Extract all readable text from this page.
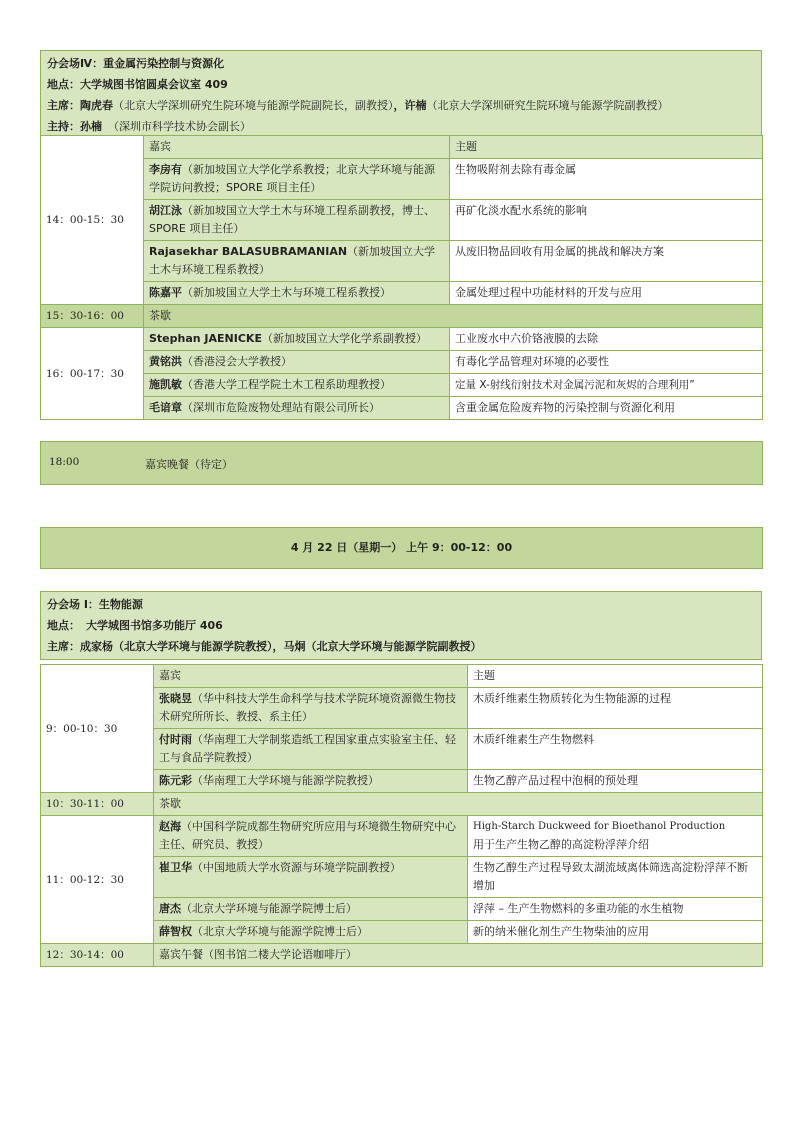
分会场Ⅳ：重金属污染控制与资源化
地点：大学城图书馆圆桌会议室 409
主席：陶虎春（北京大学深圳研究生院环境与能源学院副院长，副教授），许楠（北京大学深圳研究生院环境与能源学院副教授）
主持：孙楠 （深圳市科学技术协会副长）
14：00-15：30	嘉宾	主题
	李房有（新加坡国立大学化学系教授；北京大学环境与能源学院访问教授；SPORE 项目主任）	生物吸附剂去除有毒金属
	胡江泳（新加坡国立大学土木与环境工程系副教授，博士、SPORE 项目主任）	再矿化淡水配水系统的影响
	Rajasekhar BALASUBRAMANIAN（新加坡国立大学土木与环境工程系教授）	从废旧物品回收有用金属的挑战和解决方案
	陈嘉平（新加坡国立大学土木与环境工程系教授）	金属处理过程中功能材料的开发与应用
15：30-16：00	茶歇	
16：00-17：30	Stephan JAENICKE（新加坡国立大学化学系副教授）	工业废水中六价铬液膜的去除
	黄铭洪（香港浸会大学教授）	有毒化学品管理对环境的必要性
	施凯敏（香港大学工程学院土木工程系助理教授）	定量 X-射线衍射技术对金属污泥和灰烬的合理利用”
	毛谙章（深圳市危险废物处理站有限公司所长）	含重金属危险废弃物的污染控制与资源化利用
18:00	嘉宾晚餐（待定）
4 月 22 日（星期一） 上午 9：00-12：00
分会场 I：生物能源
地点： 大学城图书馆多功能厅 406
主席：成家杨（北京大学环境与能源学院教授），马炯（北京大学环境与能源学院副教授）
9：00-10：30	嘉宾	主题
	张晓昱（华中科技大学生命科学与技术学院环境资源微生物技术研究所所长、教授、系主任）	木质纤维素生物质转化为生物能源的过程
	付时雨（华南理工大学制浆造纸工程国家重点实验室主任、轻工与食品学院教授）	木质纤维素生产生物燃料
	陈元彩（华南理工大学环境与能源学院教授）	生物乙醇产品过程中泡桐的预处理
10：30-11：00	茶歇	
11：00-12：30	赵海（中国科学院成都生物研究所应用与环境微生物研究中心主任、研究员、教授）	High-Starch Duckweed for Bioethanol Production
用于生产生物乙醇的高淀粉浮萍介绍

	崔卫华（中国地质大学水资源与环境学院副教授）	生物乙醇生产过程导致太湖流域离体筛选高淀粉浮萍不断增加
	唐杰（北京大学环境与能源学院博士后）	浮萍 – 生产生物燃料的多重功能的水生植物
	薛智权（北京大学环境与能源学院博士后）	新的纳米催化剂生产生物柴油的应用
12：30-14：00	嘉宾午餐（图书馆二楼大学论语咖啡厅）	
